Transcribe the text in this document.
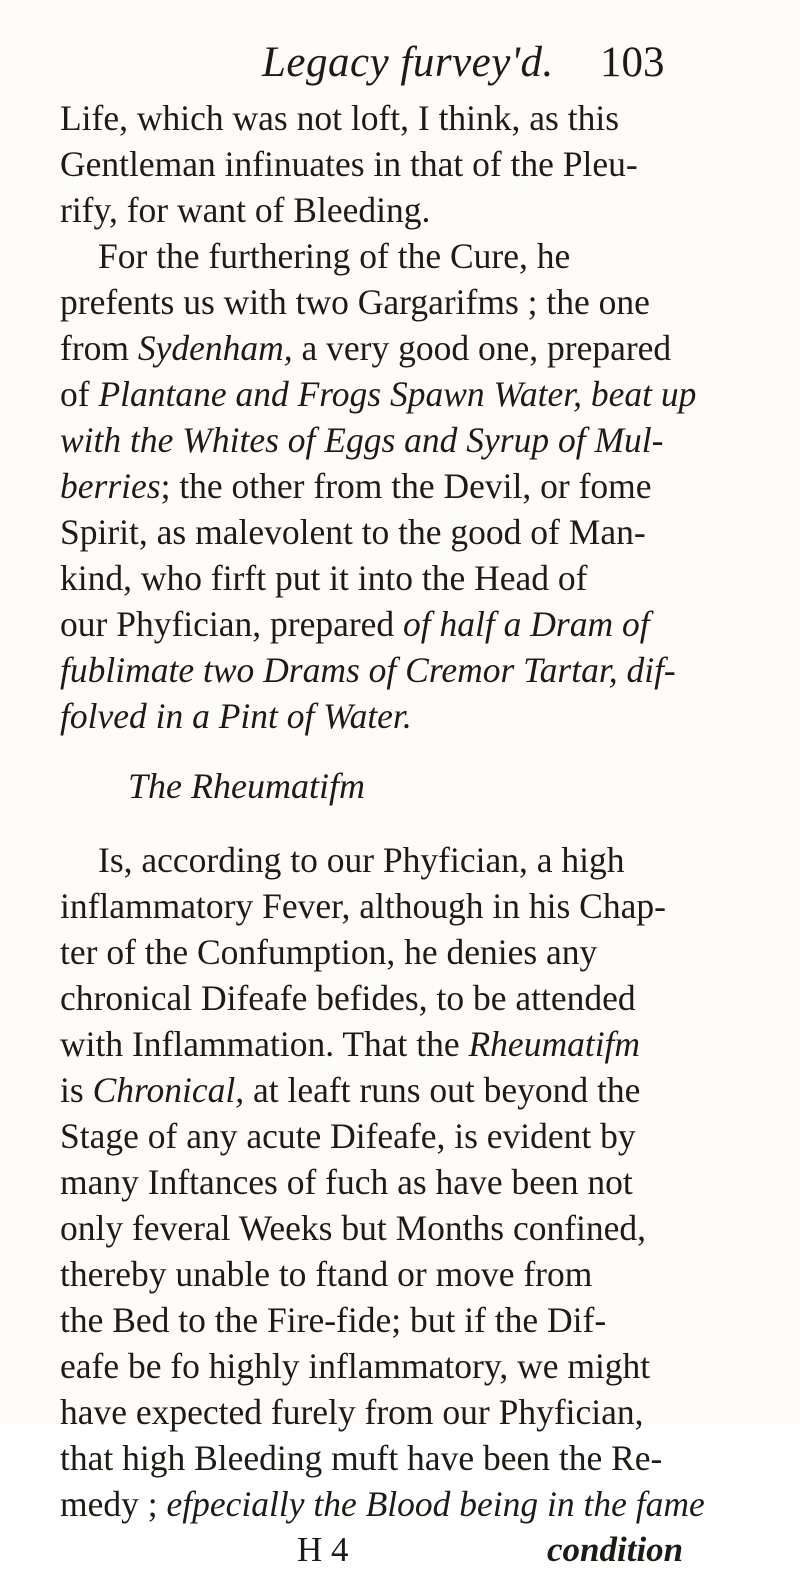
Legacy furvey'd. 103
Life, which was not loft, I think, as this
Gentleman infinuates in that of the Pleu-
rify, for want of Bleeding.
For the furthering of the Cure, he
prefents us with two Gargarifms ; the one
from Sydenham, a very good one, prepared
of Plantane and Frogs Spawn Water, beat up
with the Whites of Eggs and Syrup of Mul-
berries; the other from the Devil, or fome
Spirit, as malevolent to the good of Man-
kind, who firft put it into the Head of
our Phyfician, prepared of half a Dram of
fublimate two Drams of Cremor Tartar, dif-
folved in a Pint of Water.
The Rheumatifm
Is, according to our Phyfician, a high
inflammatory Fever, although in his Chap-
ter of the Confumption, he denies any
chronical Difeafe befides, to be attended
with Inflammation. That the Rheumatifm
is Chronical, at leaft runs out beyond the
Stage of any acute Difeafe, is evident by
many Inftances of fuch as have been not
only feveral Weeks but Months confined,
thereby unable to ftand or move from
the Bed to the Fire-fide; but if the Dif-
eafe be fo highly inflammatory, we might
have expected furely from our Phyfician,
that high Bleeding muft have been the Re-
medy ; efpecially the Blood being in the fame
H 4	condition
